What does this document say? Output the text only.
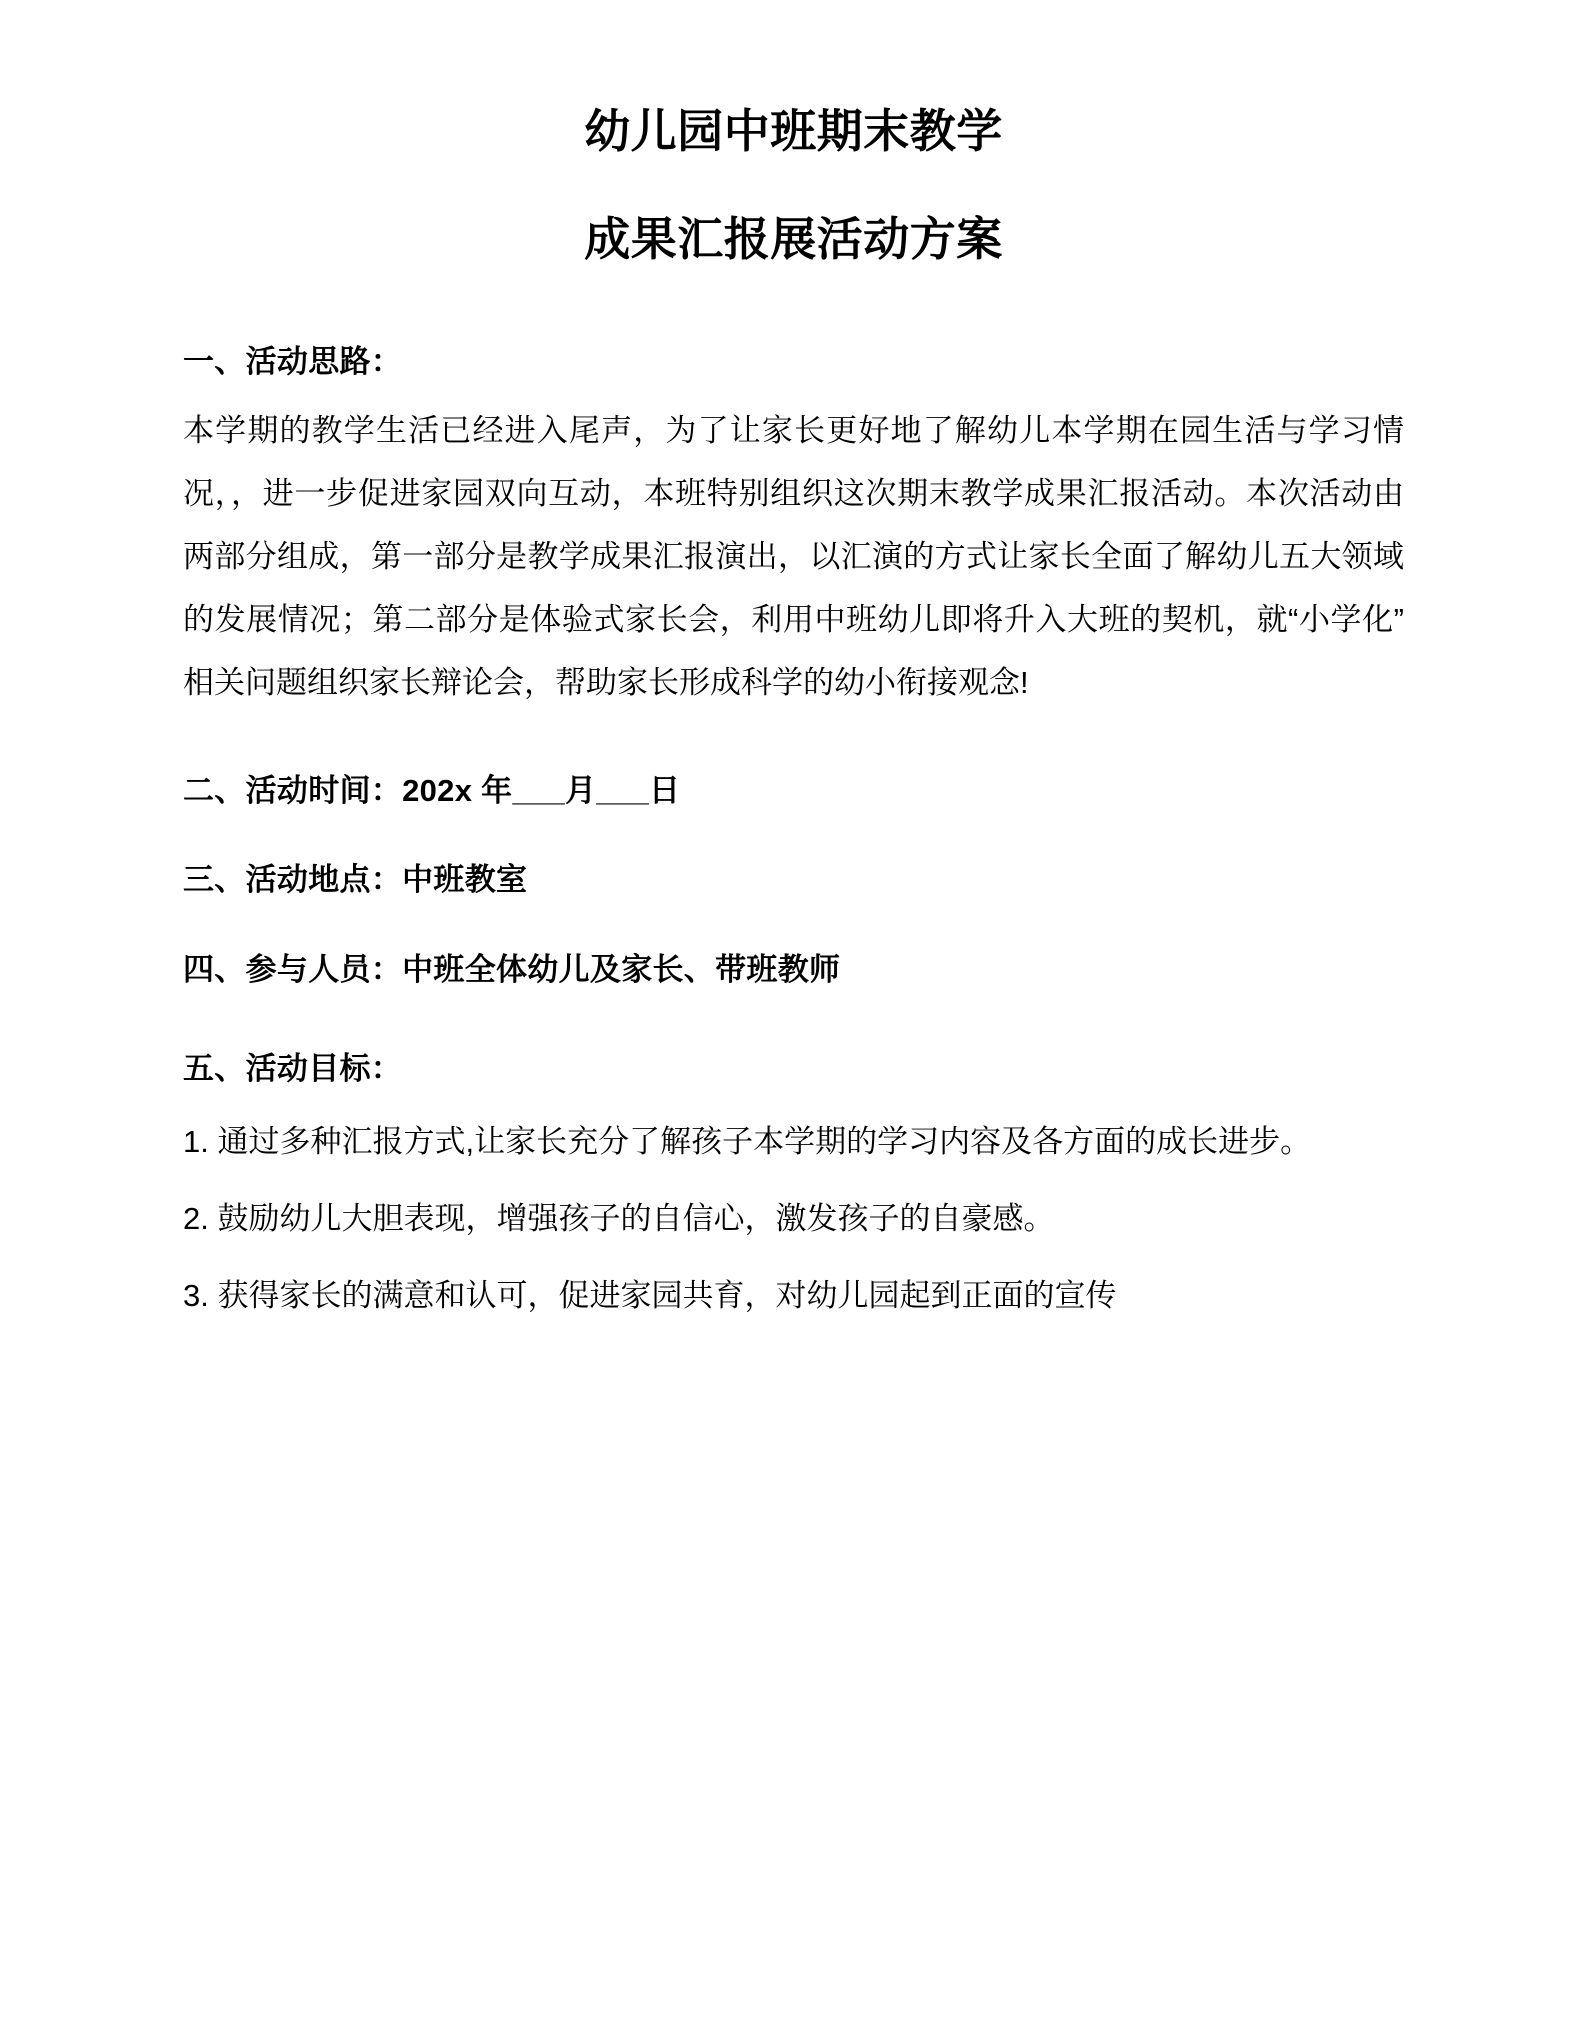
幼儿园中班期末教学
成果汇报展活动方案
一、活动思路：

本学期的教学生活已经进入尾声，为了让家长更好地了解幼儿本学期在园生活与学习情况，，进一步促进家园双向互动，本班特别组织这次期末教学成果汇报活动。本次活动由两部分组成，第一部分是教学成果汇报演出，以汇演的方式让家长全面了解幼儿五大领域的发展情况；第二部分是体验式家长会，利用中班幼儿即将升入大班的契机，就“小学化”相关问题组织家长辩论会，帮助家长形成科学的幼小衔接观念!

二、活动时间：202x 年___月___日
三、活动地点：中班教室
四、参与人员：中班全体幼儿及家长、带班教师
五、活动目标：
1. 通过多种汇报方式,让家长充分了解孩子本学期的学习内容及各方面的成长进步。
2. 鼓励幼儿大胆表现，增强孩子的自信心，激发孩子的自豪感。
3. 获得家长的满意和认可，促进家园共育，对幼儿园起到正面的宣传
